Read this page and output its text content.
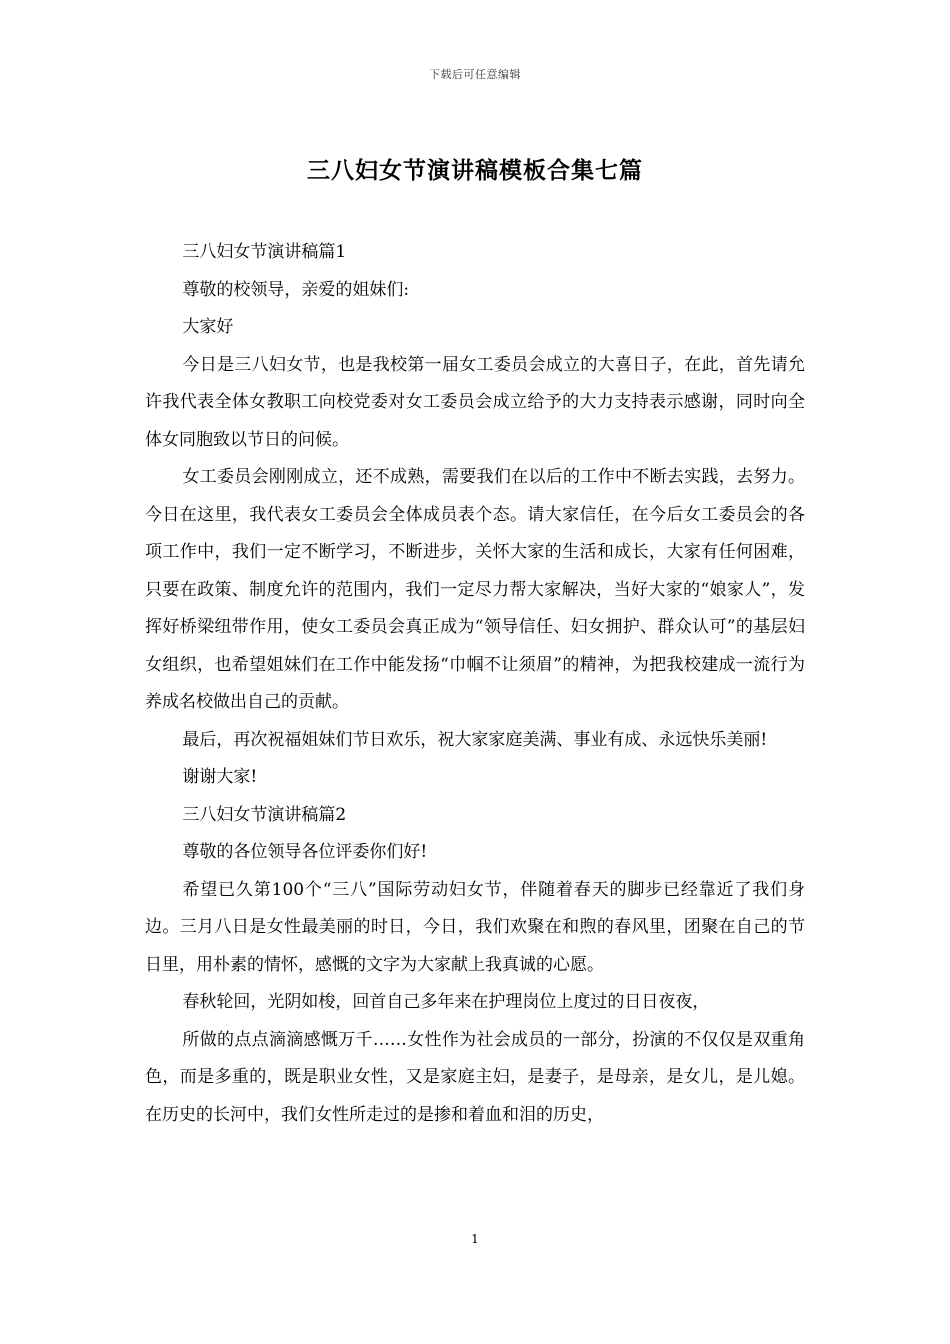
下载后可任意编辑
三八妇女节演讲稿模板合集七篇

三八妇女节演讲稿篇1

尊敬的校领导，亲爱的姐妹们:

大家好

今日是三八妇女节，也是我校第一届女工委员会成立的大喜日子，在此，首先请允许我代表全体女教职工向校党委对女工委员会成立给予的大力支持表示感谢，同时向全体女同胞致以节日的问候。

女工委员会刚刚成立，还不成熟，需要我们在以后的工作中不断去实践，去努力。今日在这里，我代表女工委员会全体成员表个态。请大家信任，在今后女工委员会的各项工作中，我们一定不断学习，不断进步，关怀大家的生活和成长，大家有任何困难，只要在政策、制度允许的范围内，我们一定尽力帮大家解决，当好大家的“娘家人”，发挥好桥梁纽带作用，使女工委员会真正成为“领导信任、妇女拥护、群众认可”的基层妇女组织，也希望姐妹们在工作中能发扬“巾帼不让须眉”的精神，为把我校建成一流行为养成名校做出自己的贡献。

最后，再次祝福姐妹们节日欢乐，祝大家家庭美满、事业有成、永远快乐美丽!

谢谢大家!

三八妇女节演讲稿篇2

尊敬的各位领导各位评委你们好!

希望已久第100个“三八”国际劳动妇女节，伴随着春天的脚步已经靠近了我们身边。三月八日是女性最美丽的时日，今日，我们欢聚在和煦的春风里，团聚在自己的节日里，用朴素的情怀，感慨的文字为大家献上我真诚的心愿。

春秋轮回，光阴如梭，回首自己多年来在护理岗位上度过的日日夜夜，

所做的点点滴滴感慨万千……女性作为社会成员的一部分，扮演的不仅仅是双重角色，而是多重的，既是职业女性，又是家庭主妇，是妻子，是母亲，是女儿，是儿媳。在历史的长河中，我们女性所走过的是掺和着血和泪的历史，

1
